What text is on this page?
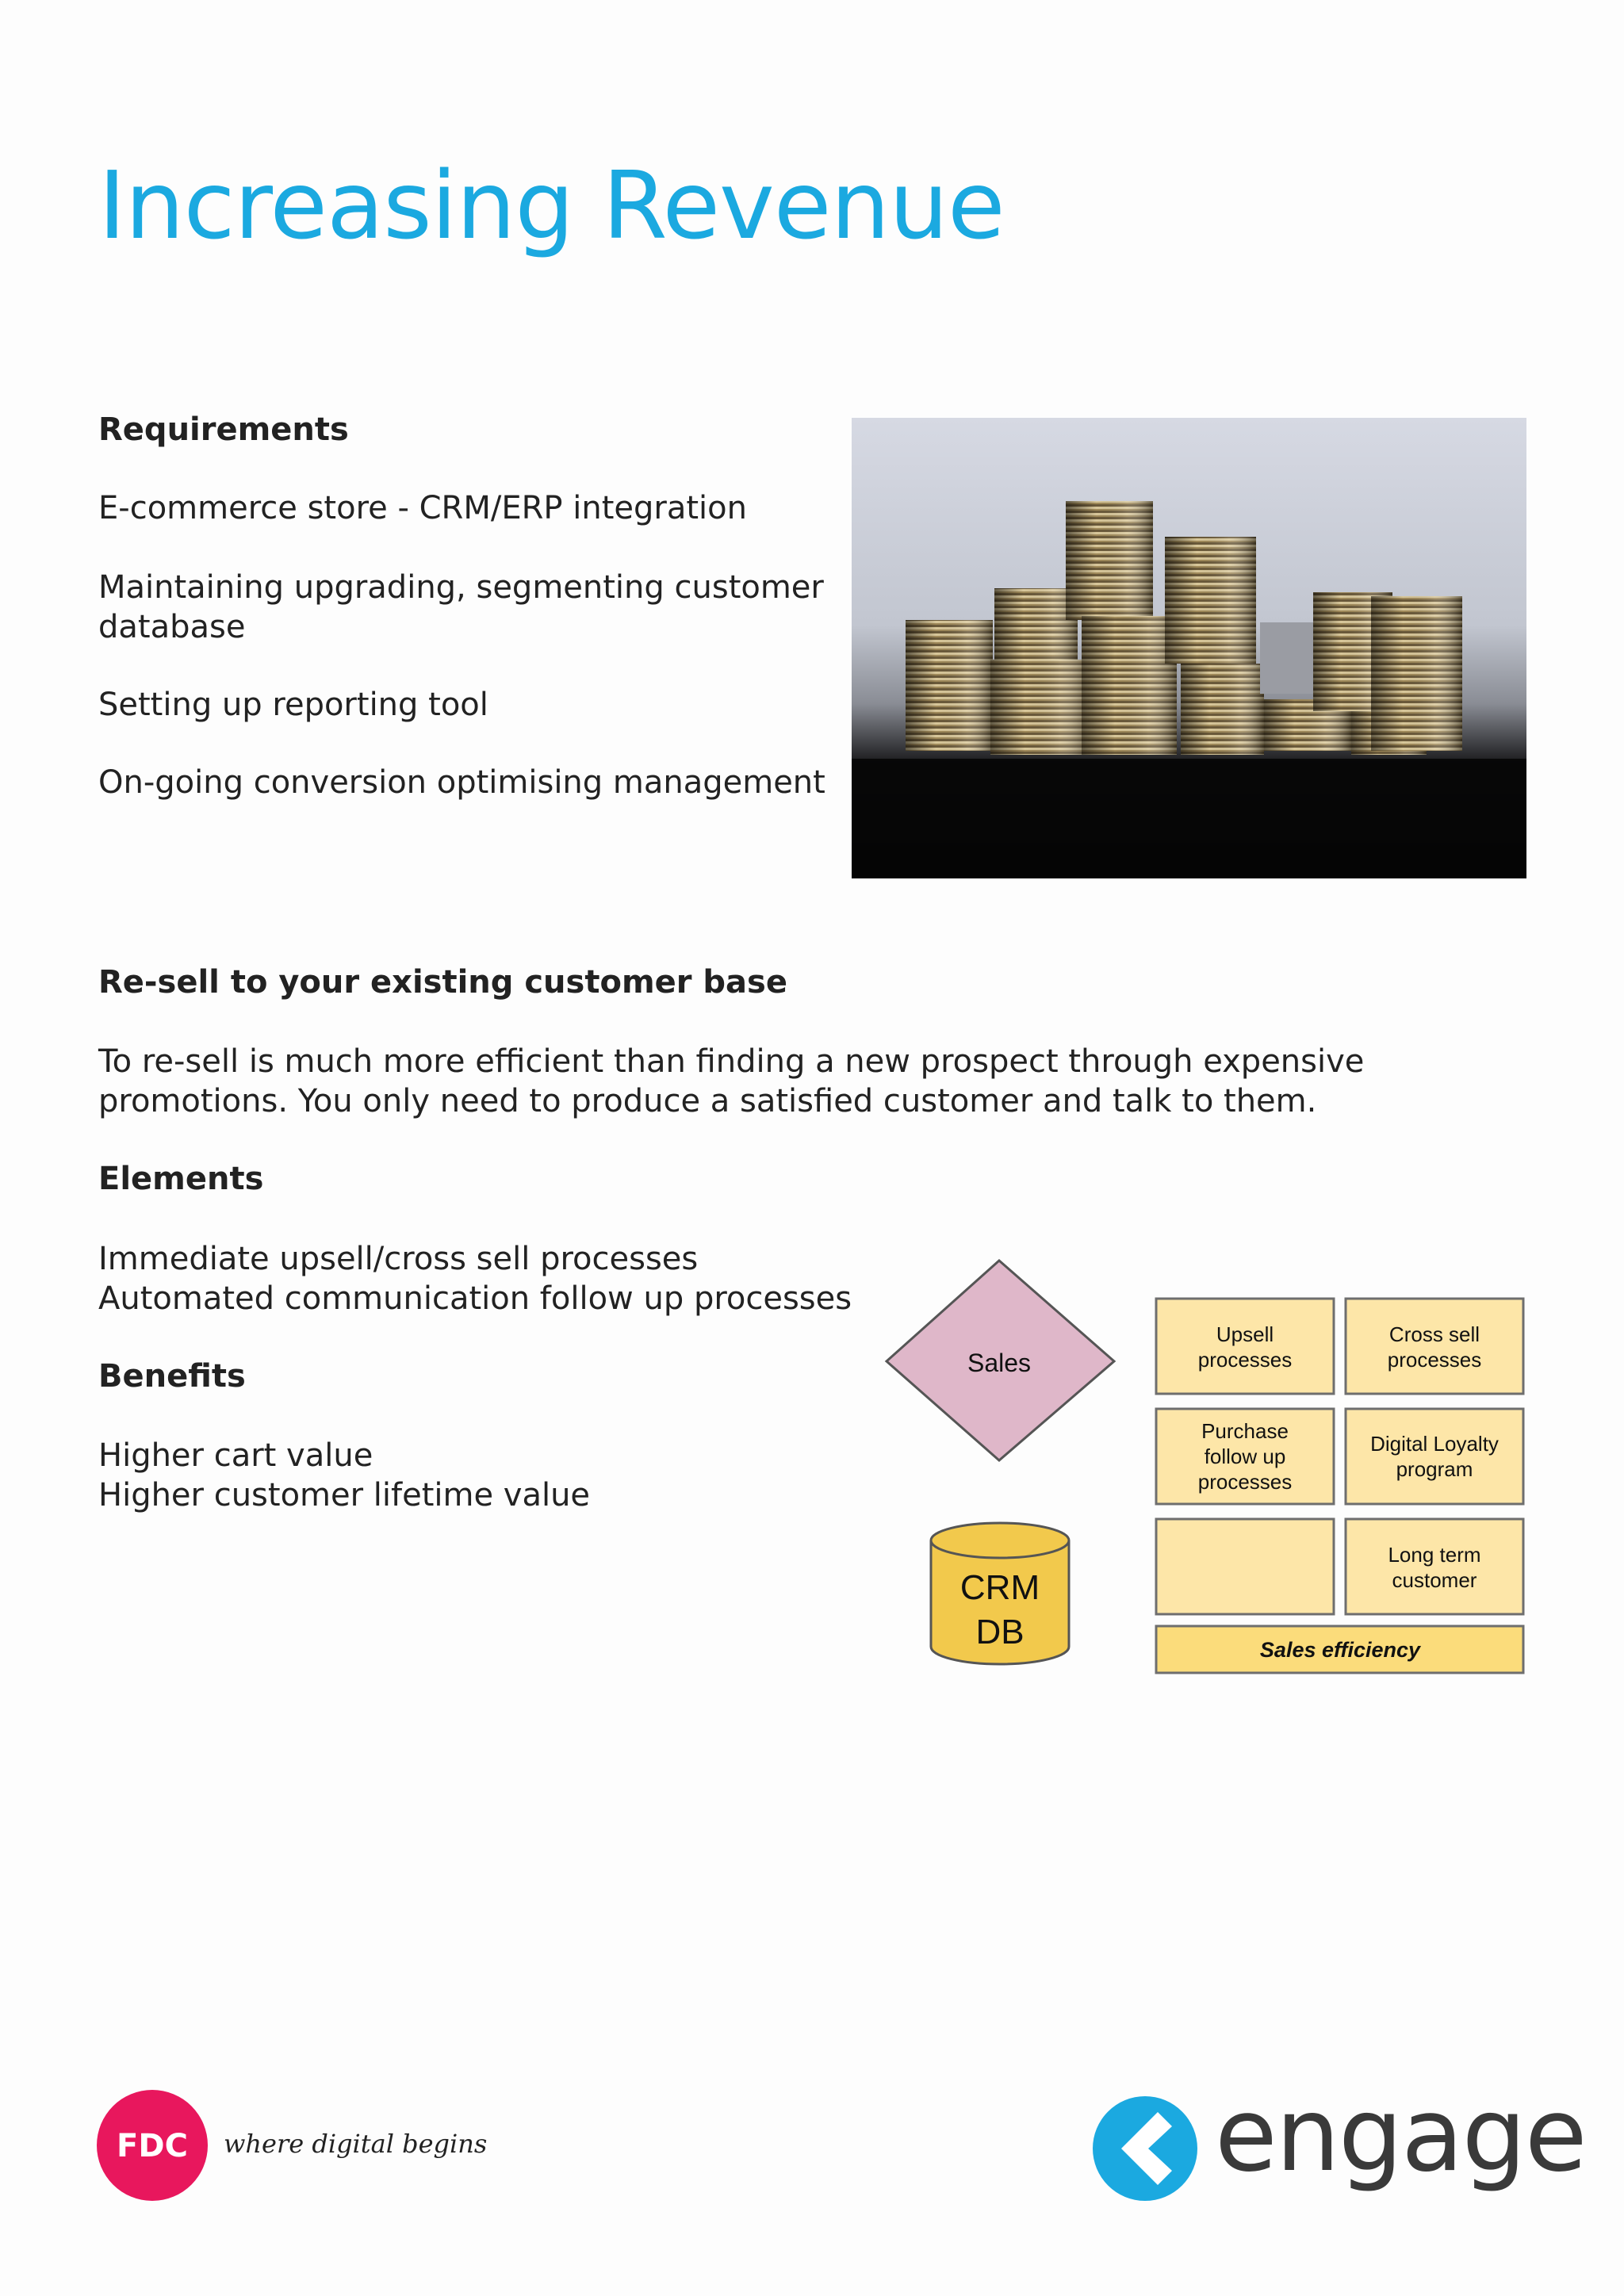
Increasing Revenue
Requirements
E-commerce store - CRM/ERP integration
Maintaining upgrading, segmenting customer database
Setting up reporting tool
On-going conversion optimising management
Re-sell to your existing customer base
To re-sell is much more efficient than finding a new prospect through expensive promotions. You only need to produce a satisfied customer and talk to them.
Elements
Immediate upsell/cross sell processes
Automated communication follow up processes
Benefits
Higher cart value
Higher customer lifetime value
Sales
CRM
DB
Upsell
processes
Cross sell
processes
Purchase
follow up
processes
Digital Loyalty
program
Long term
customer
Sales efficiency
FDC where digital begins	engage
